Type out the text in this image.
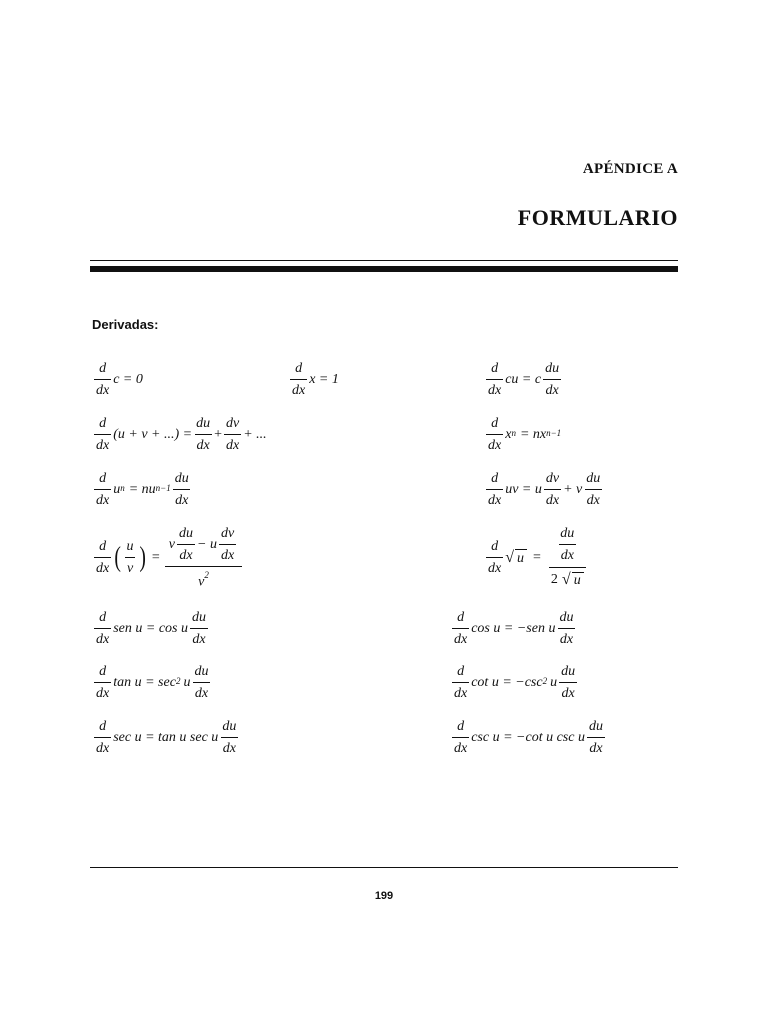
APÉNDICE A
FORMULARIO
Derivadas:
$\frac{d}{dx}$ c = 0	$\frac{d}{dx}$ x = 1	$\frac{d}{dx}$ cu = c $\frac{du}{dx}$
$\frac{d}{dx} (u + v$ + ...) = $\frac{du}{dx} + \frac{dv}{dx}$ + ...	$\frac{d}{dx} x^n = nx^{n-1}$
$\frac{d}{dx} u^n = nu^{n-1} \frac{du}{dx}$	$\frac{d}{dx}$ uv = u $\frac{dv}{dx} + v \frac{du}{dx}$
$\frac{d}{dx}$ ( $\frac{u}{v}$ ) = $\frac{v \frac{du}{dx} - u \frac{dv}{dx}}{v^2}$	$\frac{d}{dx}$ √ $u = \frac{\frac{du}{dx}}{2 √ u}$
$\frac{d}{dx}$ sen u = cos u $\frac{du}{dx}$	$\frac{d}{dx}$ cos u = −sen u $\frac{du}{dx}$
$\frac{d}{dx}$ $\tan u = \sec^2 u \frac{du}{dx}$	$\frac{d}{dx}$ $\cot u = -\csc^2$ u $\frac{du}{dx}$
$\frac{d}{dx}$ sec u = tan u sec u $\frac{du}{dx}$	$\frac{d}{dx}$ csc u = −cot u csc u $\frac{du}{dx}$
199
